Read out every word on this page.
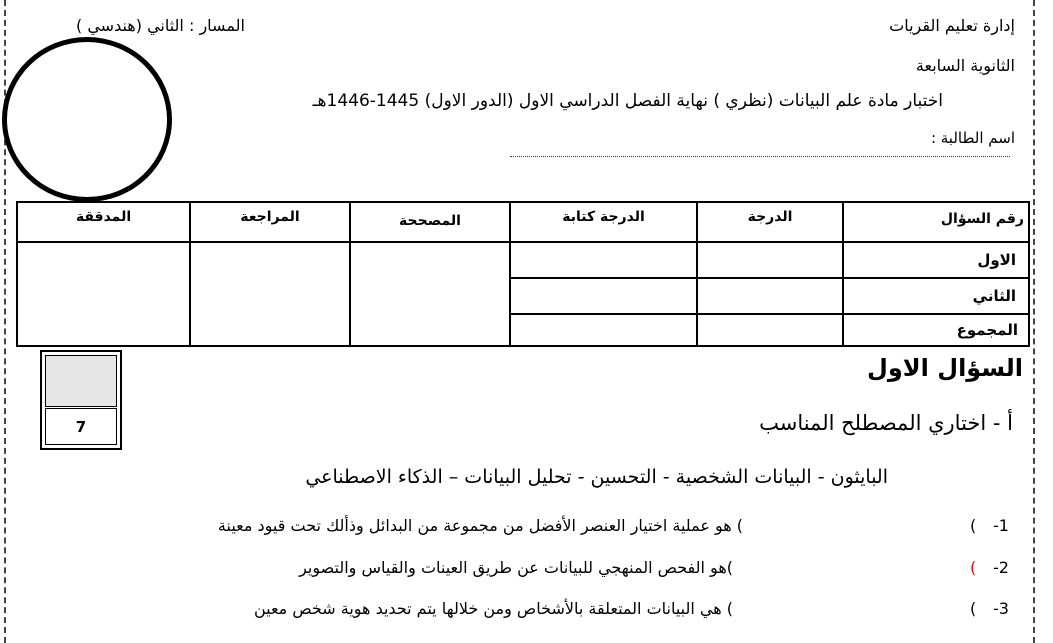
إدارة تعليم القريات
الثانوية السابعة
المسار : الثاني (هندسي )
اختبار مادة علم البيانات (نظري ) نهاية الفصل الدراسي الاول (الدور الاول) 1445-1446هـ
اسم الطالبة :
رقم السؤال
الدرجة
الدرجة كتابة
المصححة
المراجعة
المدققة
الاول
الثاني
المجموع
7
السؤال الاول
أ - اختاري المصطلح المناسب
البايثون - البيانات الشخصية - التحسين - تحليل البيانات – الذكاء الاصطناعي
-1
(
) هو عملية اختيار العنصر الأفضل من مجموعة من البدائل وذألك تحت قيود معينة
-2
(
)هو الفحص المنهجي للبيانات عن طريق العينات والقياس والتصوير
-3
(
) هي البيانات المتعلقة بالأشخاص ومن خلالها يتم تحديد هوية شخص معين
